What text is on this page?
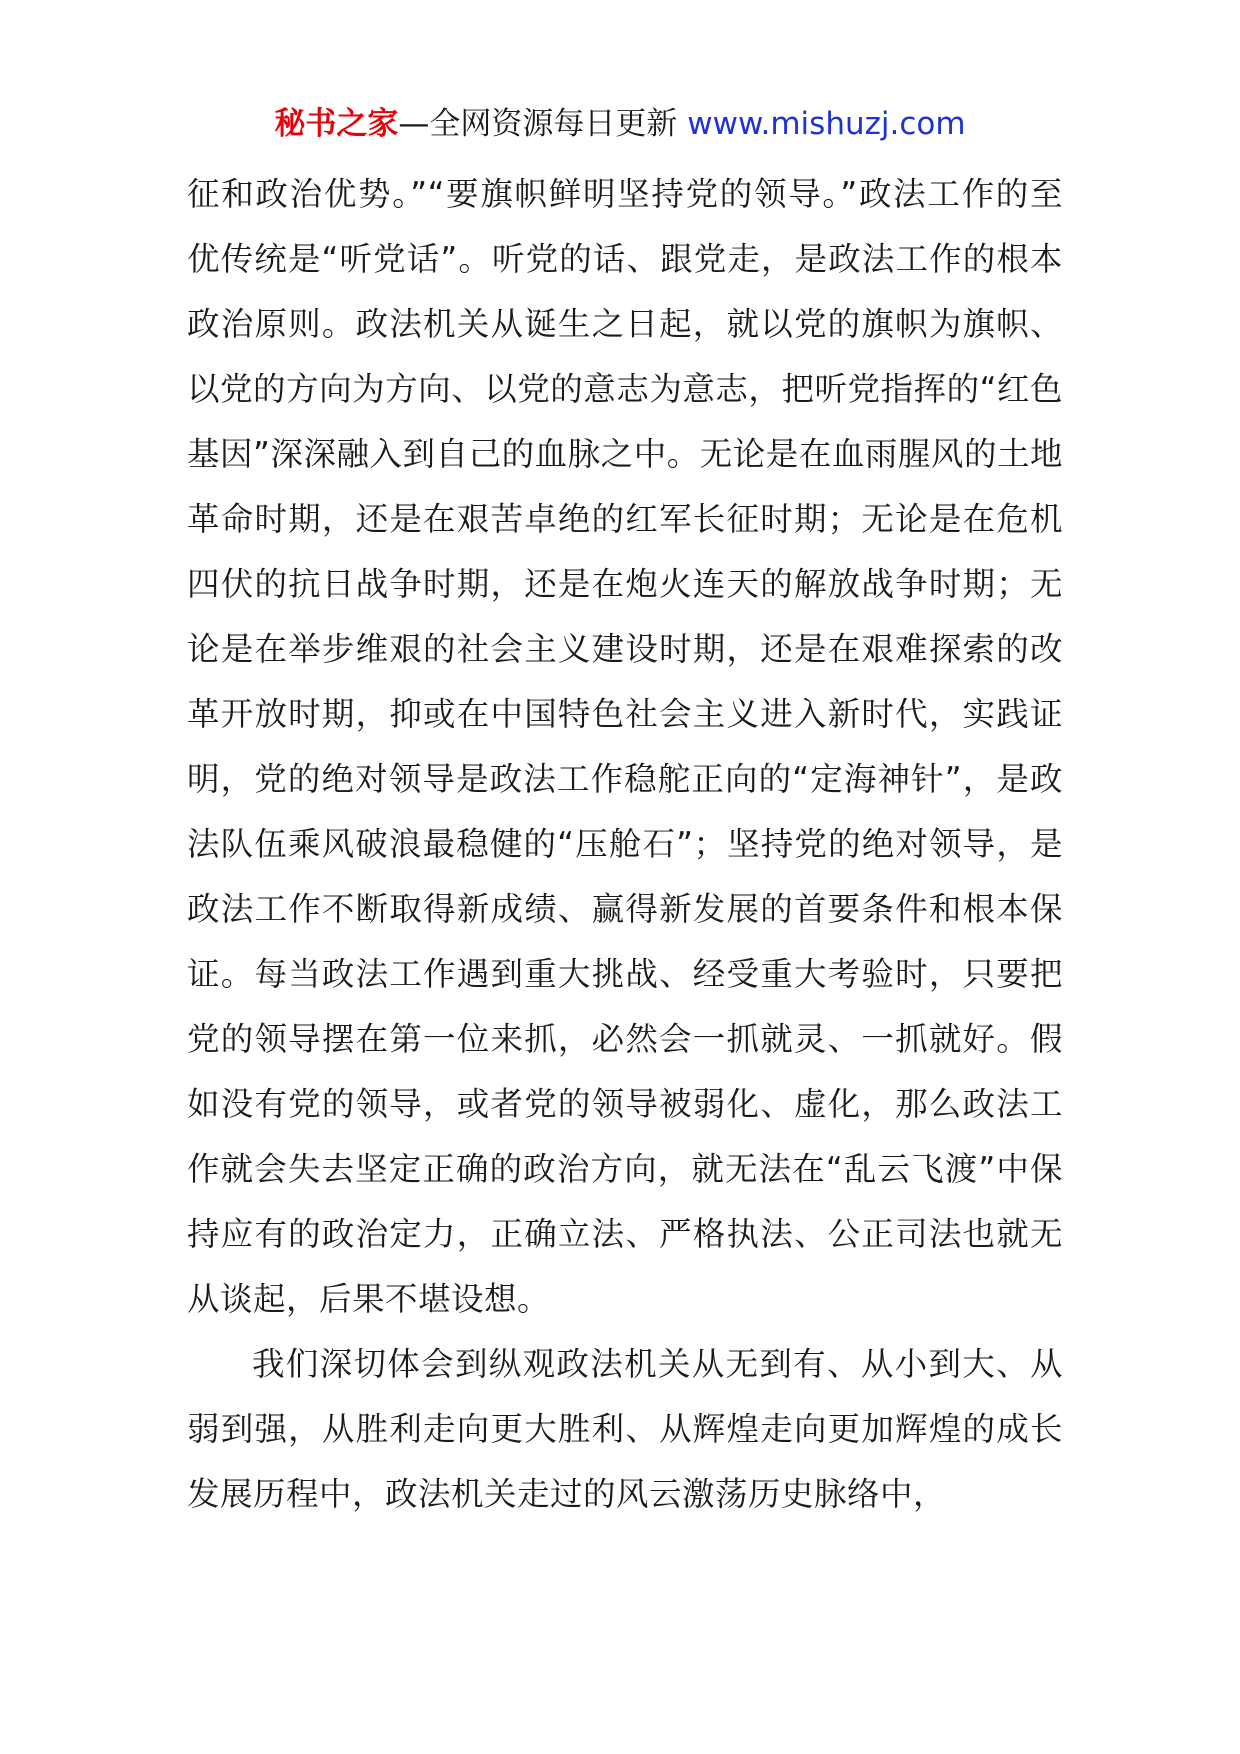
秘书之家—全网资源每日更新 www.mishuzj.com

征和政治优势。”“要旗帜鲜明坚持党的领导。”政法工作的至优传统是“听党话”。听党的话、跟党走，是政法工作的根本政治原则。政法机关从诞生之日起，就以党的旗帜为旗帜、以党的方向为方向、以党的意志为意志，把听党指挥的“红色基因”深深融入到自己的血脉之中。无论是在血雨腥风的土地革命时期，还是在艰苦卓绝的红军长征时期；无论是在危机四伏的抗日战争时期，还是在炮火连天的解放战争时期；无论是在举步维艰的社会主义建设时期，还是在艰难探索的改革开放时期，抑或在中国特色社会主义进入新时代，实践证明，党的绝对领导是政法工作稳舵正向的“定海神针”，是政法队伍乘风破浪最稳健的“压舱石”；坚持党的绝对领导，是政法工作不断取得新成绩、赢得新发展的首要条件和根本保证。每当政法工作遇到重大挑战、经受重大考验时，只要把党的领导摆在第一位来抓，必然会一抓就灵、一抓就好。假如没有党的领导，或者党的领导被弱化、虚化，那么政法工作就会失去坚定正确的政治方向，就无法在“乱云飞渡”中保持应有的政治定力，正确立法、严格执法、公正司法也就无从谈起，后果不堪设想。

我们深切体会到纵观政法机关从无到有、从小到大、从弱到强，从胜利走向更大胜利、从辉煌走向更加辉煌的成长发展历程中，政法机关走过的风云激荡历史脉络中，
